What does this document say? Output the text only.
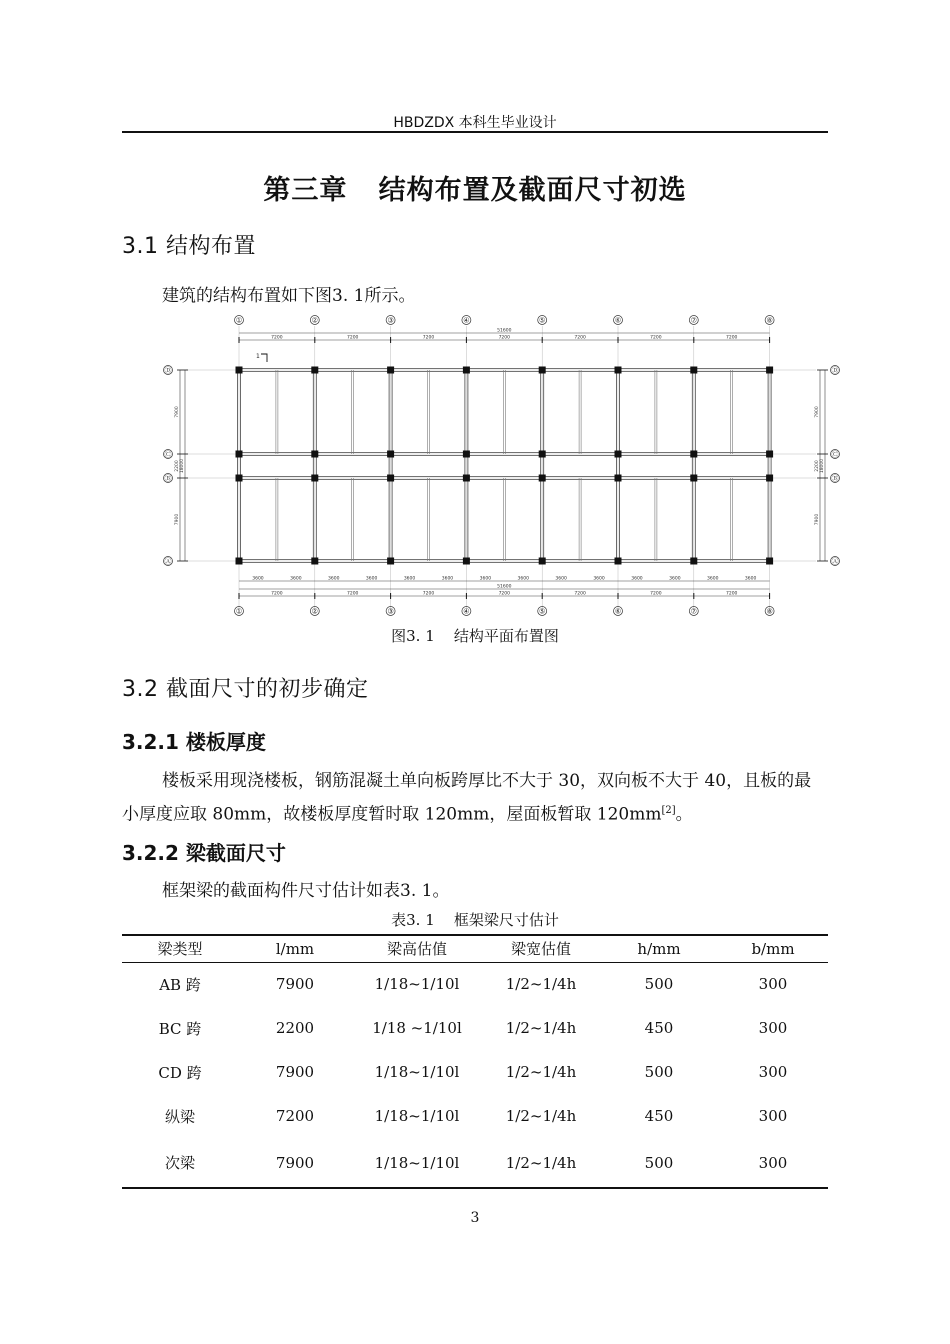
HBDZDX 本科生毕业设计
第三章   结构布置及截面尺寸初选
3.1 结构布置
建筑的结构布置如下图3. 1所示。
51600
7200	7200	7200	7200	7200	7200	7200
51600
7200	7200	7200	7200	7200	7200	7200
3600	3600	3600	3600	3600	3600	3600	3600	3600	3600	3600	3600	3600	3600
①
①
②
②
③
③
④
④
⑤
⑤
⑥
⑥
⑦
⑦
⑧
⑧
Ⓓ	Ⓓ
Ⓒ	Ⓒ
Ⓑ	Ⓑ
Ⓐ	Ⓐ
7900
2200
7900
18000
7900
2200
7900
18000
1
图3. 1    结构平面布置图
3.2 截面尺寸的初步确定
3.2.1 楼板厚度
楼板采用现浇楼板，钢筋混凝土单向板跨厚比不大于 30，双向板不大于 40，且板的最小厚度应取 80mm，故楼板厚度暂时取 120mm，屋面板暂取 120mm[2]。
3.2.2 梁截面尺寸
框架梁的截面构件尺寸估计如表3. 1。
表3. 1    框架梁尺寸估计
梁类型	l/mm	梁高估值	梁宽估值	h/mm	b/mm
AB 跨	7900	1/18~1/10l	1/2~1/4h	500	300
BC 跨	2200	1/18 ~1/10l	1/2~1/4h	450	300
CD 跨	7900	1/18~1/10l	1/2~1/4h	500	300
纵梁	7200	1/18~1/10l	1/2~1/4h	450	300
次梁	7900	1/18~1/10l	1/2~1/4h	500	300
3
